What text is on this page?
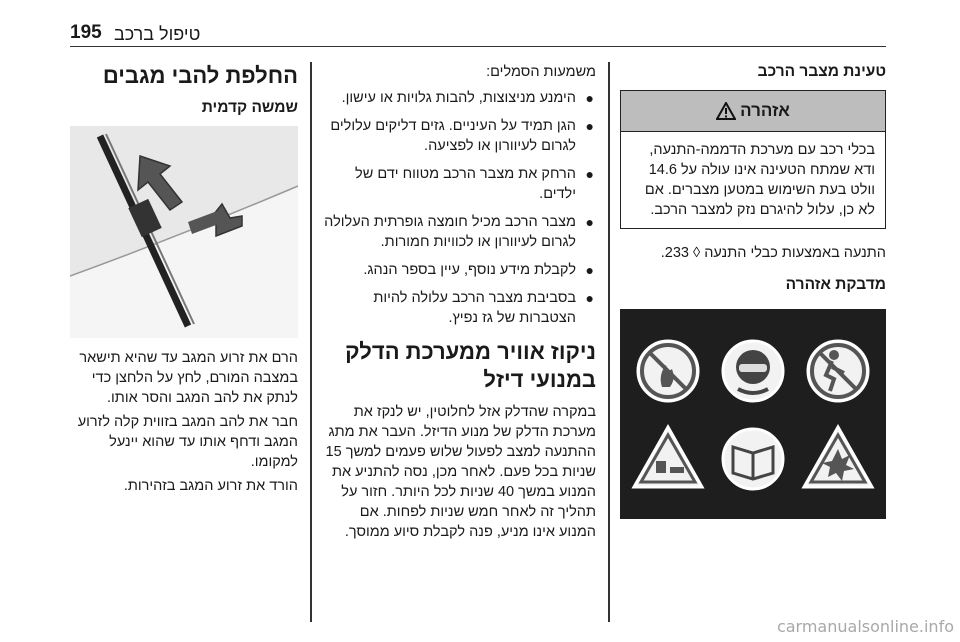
195 טיפול ברכב
טעינת מצבר הרכב
אזהרה
בכלי רכב עם מערכת הדממה-התנעה, ודא שמתח הטעינה אינו עולה על 14.6 וולט בעת השימוש במטען מצברים. אם לא כן, עלול להיגרם נזק למצבר הרכב.

התנעה באמצעות כבלי התנעה ◊ 233.

מדבקת אזהרה

משמעות הסמלים:

●
הימנע מניצוצות, להבות גלויות או עישון.
●
הגן תמיד על העיניים. גזים דליקים עלולים לגרום לעיוורון או לפציעה.
●
הרחק את מצבר הרכב מטווח ידם של ילדים.
●
מצבר הרכב מכיל חומצה גופרתית העלולה לגרום לעיוורון או לכוויות חמורות.
●
לקבלת מידע נוסף, עיין בספר הנהג.
●
בסביבת מצבר הרכב עלולה להיות הצטברות של גז נפיץ.
ניקוז אוויר ממערכת הדלק במנועי דיזל

במקרה שהדלק אזל לחלוטין, יש לנקז את מערכת הדלק של מנוע הדיזל. העבר את מתג ההתנעה למצב לפעול שלוש פעמים למשך 15 שניות בכל פעם. לאחר מכן, נסה להתניע את המנוע במשך 40 שניות לכל היותר. חזור על תהליך זה לאחר חמש שניות לפחות. אם המנוע אינו מניע, פנה לקבלת סיוע ממוסך.

החלפת להבי מגבים
שמשה קדמית

הרם את זרוע המגב עד שהיא תישאר במצבה המורם, לחץ על הלחצן כדי לנתק את להב המגב והסר אותו.

חבר את להב המגב בזווית קלה לזרוע המגב ודחף אותו עד שהוא יינעל למקומו.

הורד את זרוע המגב בזהירות.

carmanualsonline.info
